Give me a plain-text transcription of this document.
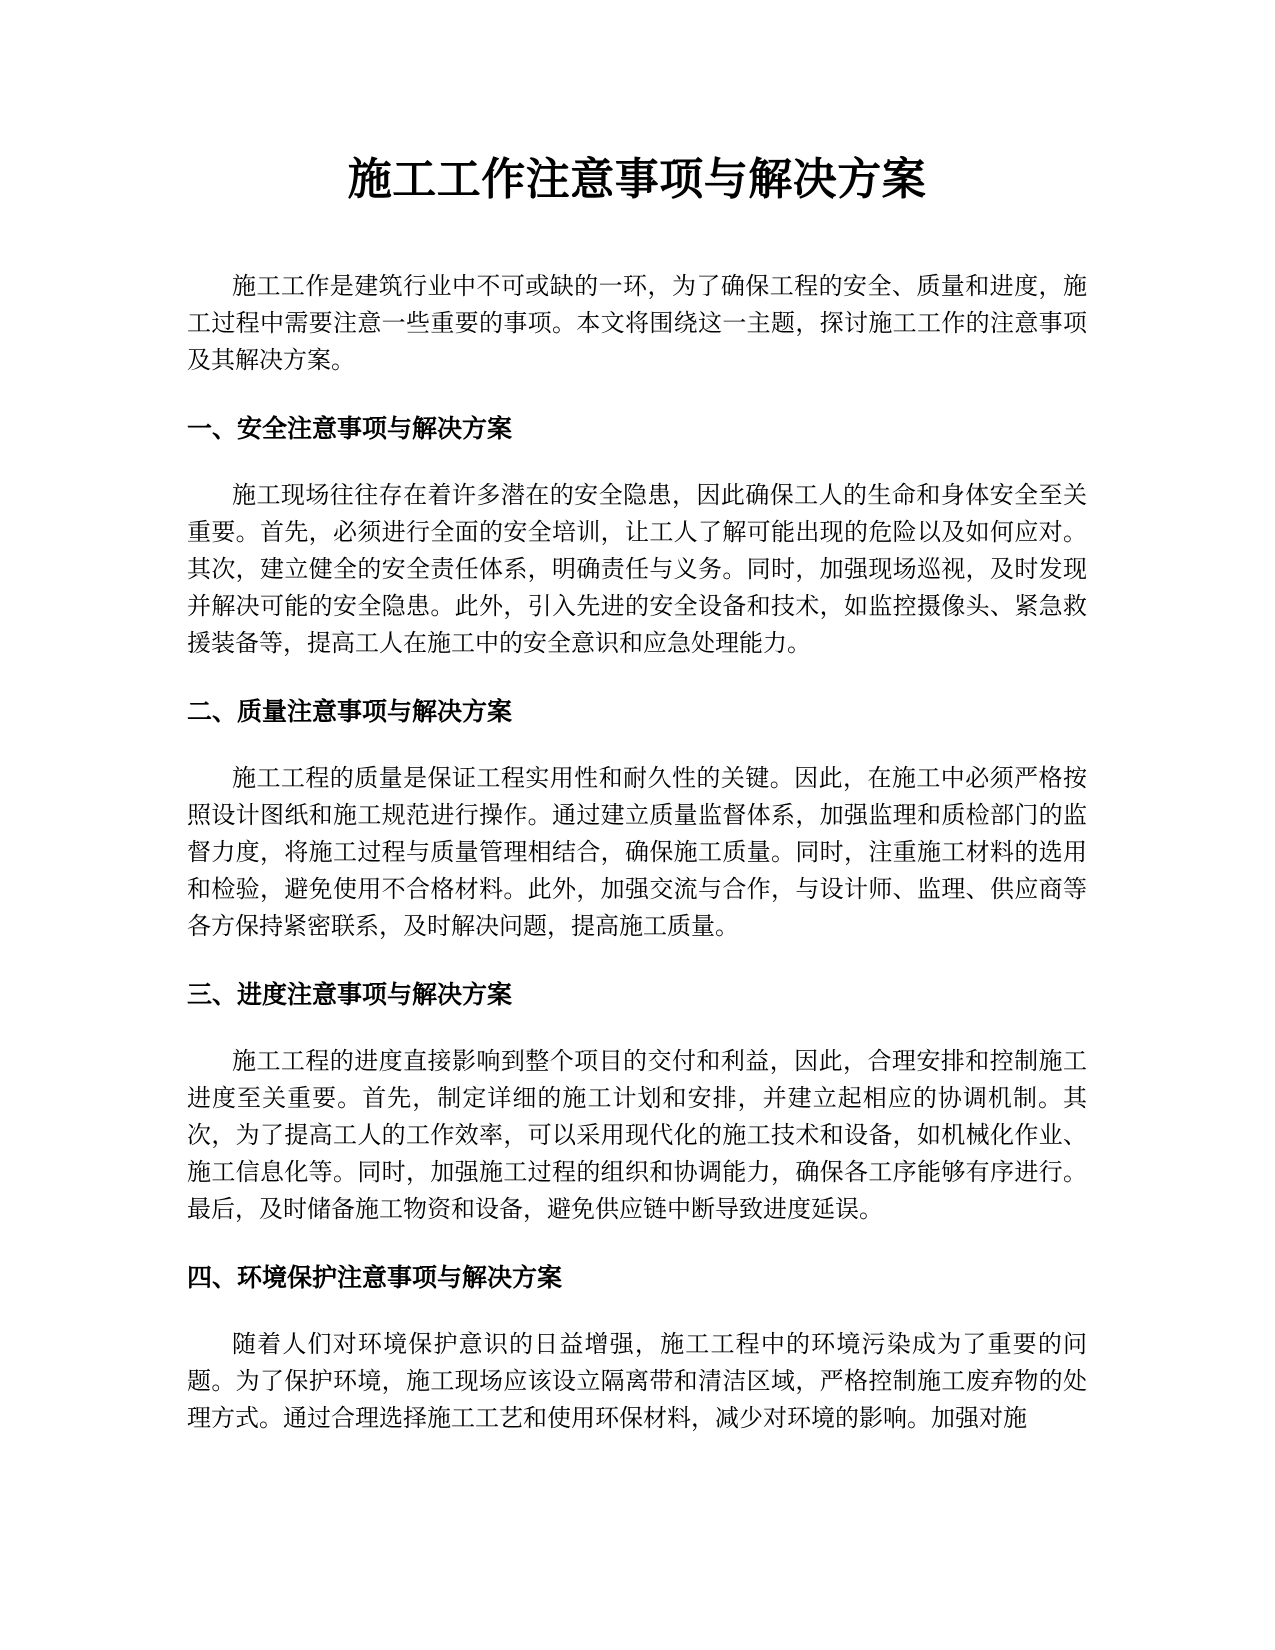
施工工作注意事项与解决方案

施工工作是建筑行业中不可或缺的一环，为了确保工程的安全、质量和进度，施工过程中需要注意一些重要的事项。本文将围绕这一主题，探讨施工工作的注意事项及其解决方案。

一、安全注意事项与解决方案

施工现场往往存在着许多潜在的安全隐患，因此确保工人的生命和身体安全至关重要。首先，必须进行全面的安全培训，让工人了解可能出现的危险以及如何应对。其次，建立健全的安全责任体系，明确责任与义务。同时，加强现场巡视，及时发现并解决可能的安全隐患。此外，引入先进的安全设备和技术，如监控摄像头、紧急救援装备等，提高工人在施工中的安全意识和应急处理能力。

二、质量注意事项与解决方案

施工工程的质量是保证工程实用性和耐久性的关键。因此，在施工中必须严格按照设计图纸和施工规范进行操作。通过建立质量监督体系，加强监理和质检部门的监督力度，将施工过程与质量管理相结合，确保施工质量。同时，注重施工材料的选用和检验，避免使用不合格材料。此外，加强交流与合作，与设计师、监理、供应商等各方保持紧密联系，及时解决问题，提高施工质量。

三、进度注意事项与解决方案

施工工程的进度直接影响到整个项目的交付和利益，因此，合理安排和控制施工进度至关重要。首先，制定详细的施工计划和安排，并建立起相应的协调机制。其次，为了提高工人的工作效率，可以采用现代化的施工技术和设备，如机械化作业、施工信息化等。同时，加强施工过程的组织和协调能力，确保各工序能够有序进行。最后，及时储备施工物资和设备，避免供应链中断导致进度延误。

四、环境保护注意事项与解决方案

随着人们对环境保护意识的日益增强，施工工程中的环境污染成为了重要的问题。为了保护环境，施工现场应该设立隔离带和清洁区域，严格控制施工废弃物的处理方式。通过合理选择施工工艺和使用环保材料，减少对环境的影响。加强对施
